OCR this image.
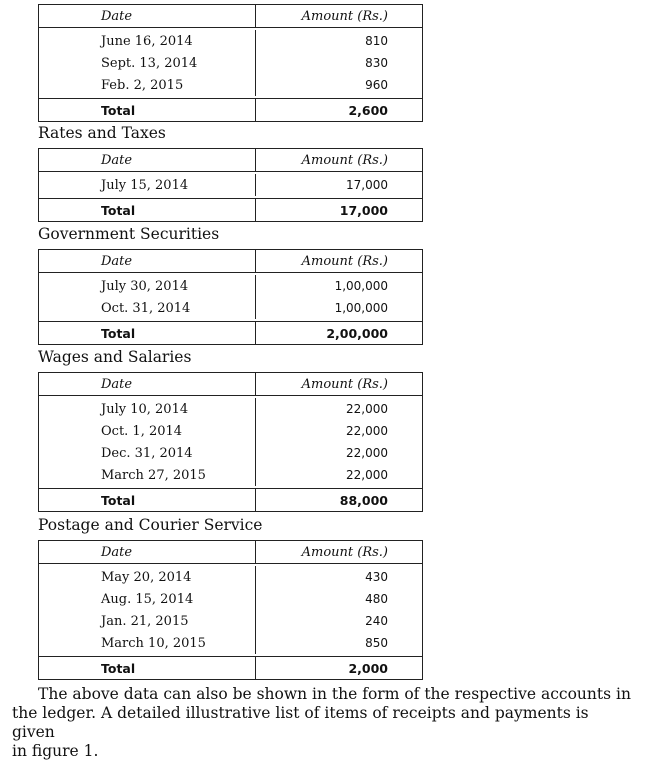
Date	Amount (Rs.)
June 16, 2014	810
Sept. 13, 2014	830
Feb. 2, 2015	960
Total	2,600
Rates and Taxes
Date	Amount (Rs.)
July 15, 2014	17,000
Total	17,000
Government Securities
Date	Amount (Rs.)
July 30, 2014	1,00,000
Oct. 31, 2014	1,00,000
Total	2,00,000
Wages and Salaries
Date	Amount (Rs.)
July 10, 2014	22,000
Oct. 1, 2014	22,000
Dec. 31, 2014	22,000
March 27, 2015	22,000
Total	88,000
Postage and Courier Service
Date	Amount (Rs.)
May 20, 2014	430
Aug. 15, 2014	480
Jan. 21, 2015	240
March 10, 2015	850
Total	2,000
The above data can also be shown in the form of the respective accounts in
the ledger. A detailed illustrative list of items of receipts and payments is given
in figure 1.
